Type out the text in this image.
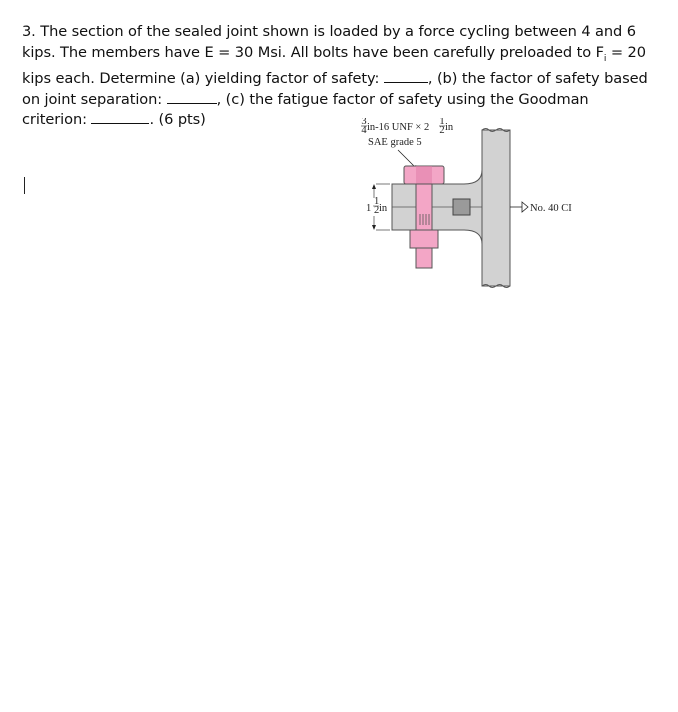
3. The section of the sealed joint shown is loaded by a force cycling between 4 and 6
kips. The members have E = 30 Msi. All bolts have been carefully preloaded to $F_i = 20$
kips each. Determine (a) yielding factor of safety:	, (b) the factor of safety based
on joint separation:	, (c) the fatigue factor of safety using the Goodman
criterion:	. (6 pts)	3
4 in-16 UNF × 2
1
2 in
SAE grade 5
1
1
2 in	No. 40 CI
